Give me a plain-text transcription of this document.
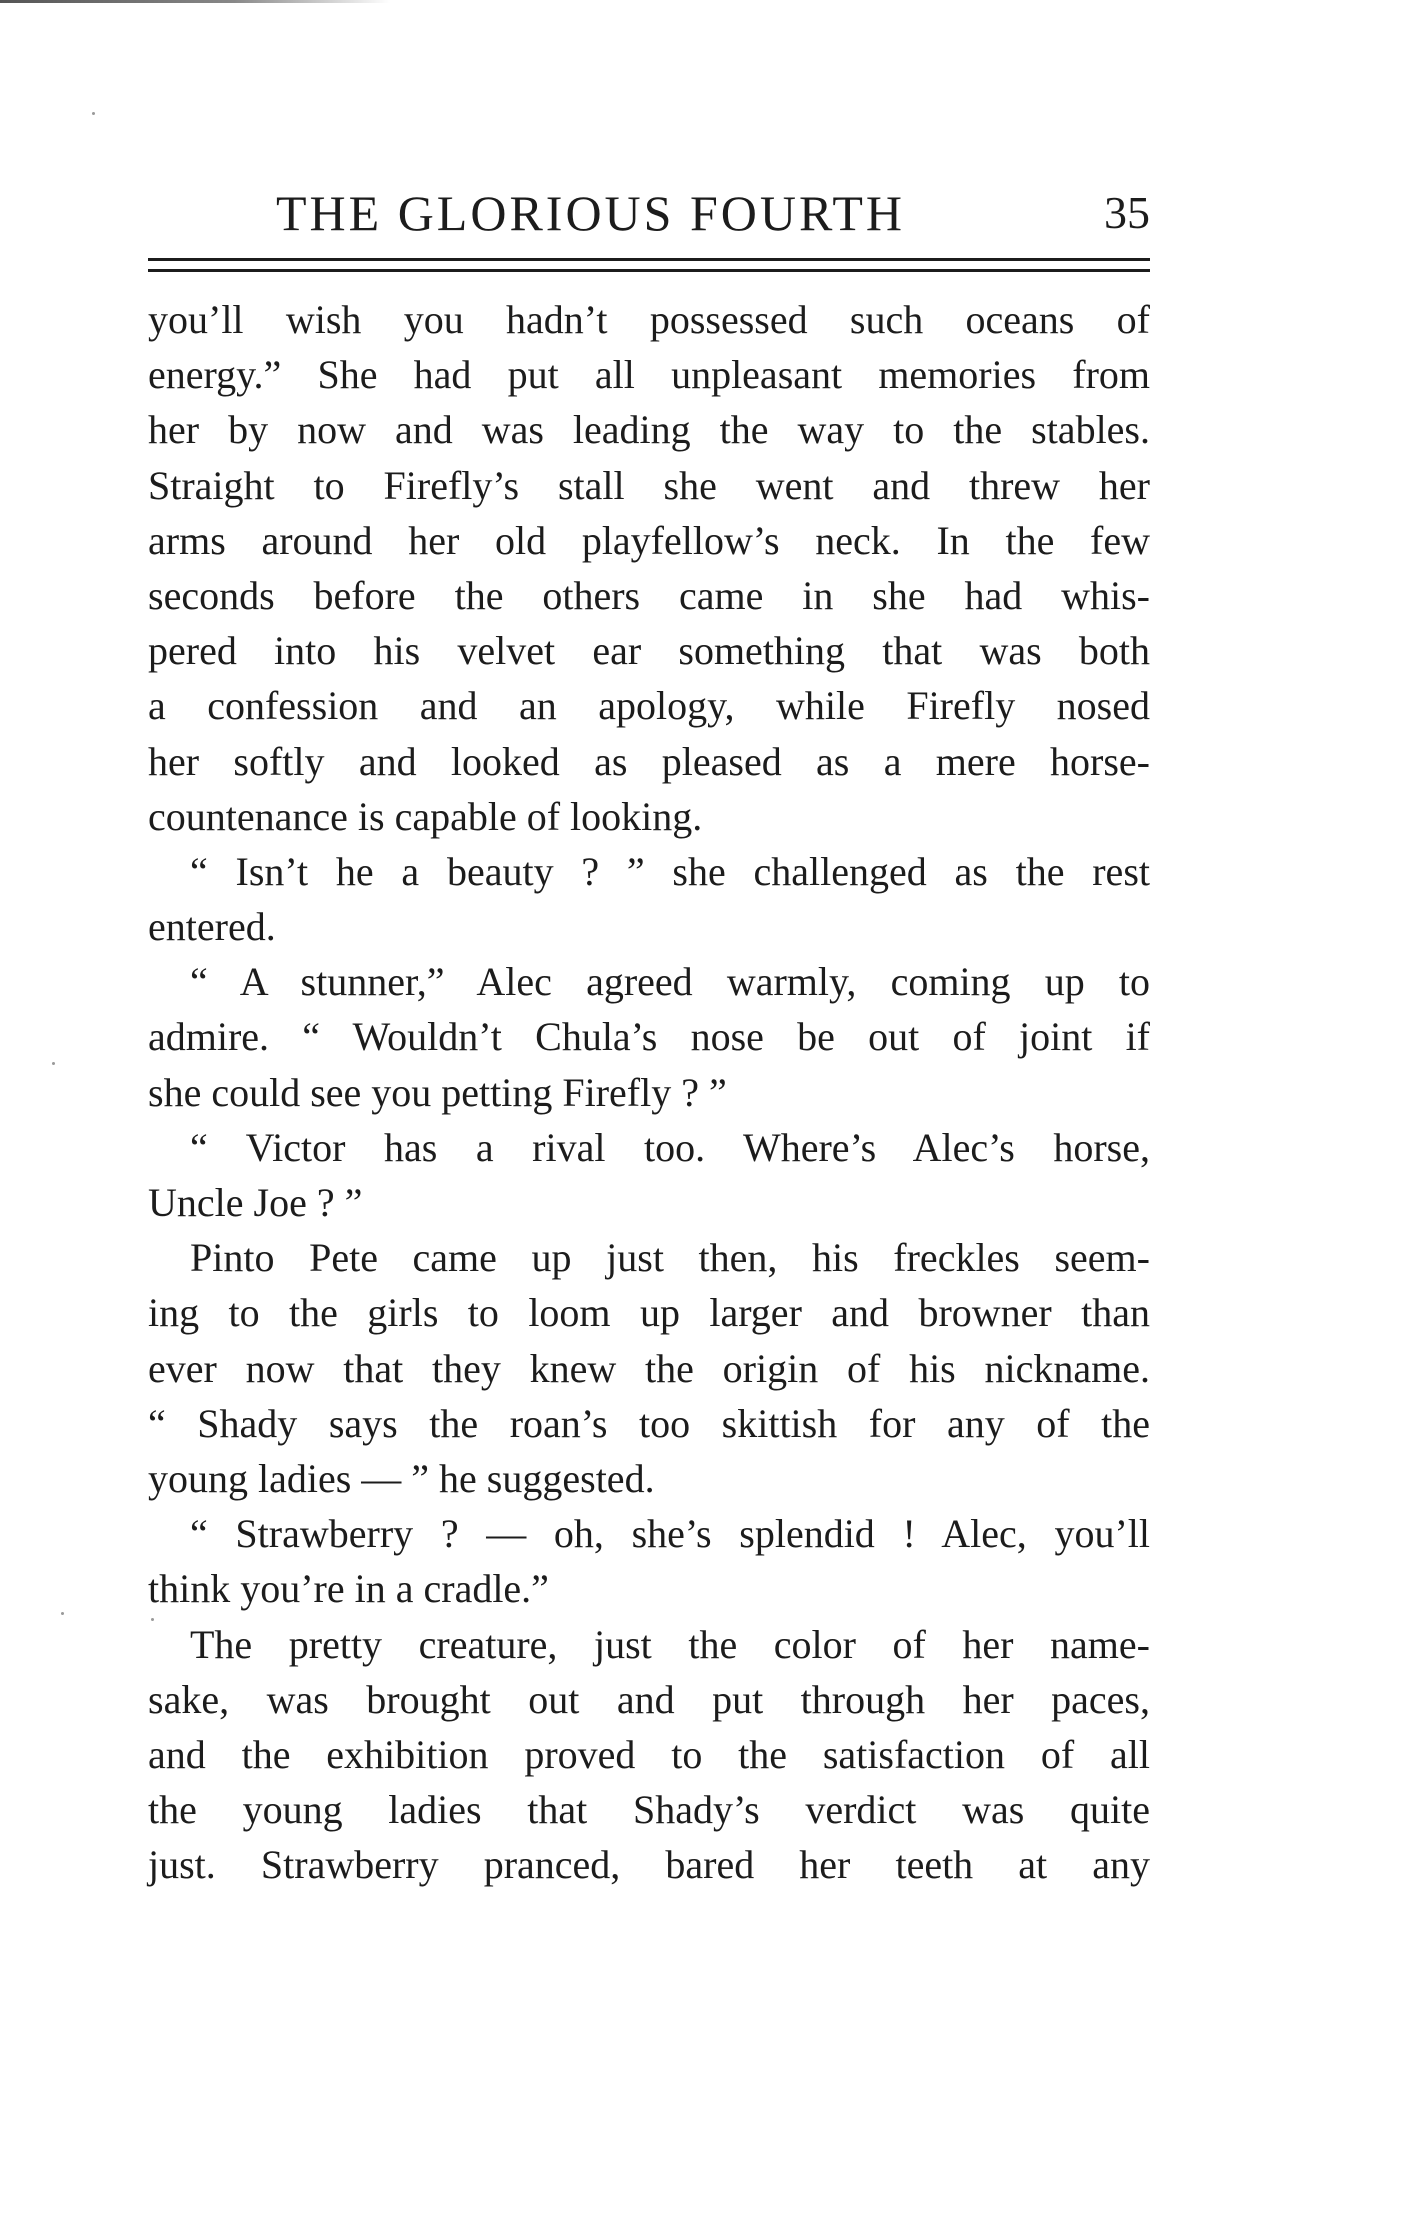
THE GLORIOUS FOURTH	35
you’ll wish you hadn’t possessed such oceans of
energy.” She had put all unpleasant memories from
her by now and was leading the way to the stables.
Straight to Firefly’s stall she went and threw her
arms around her old playfellow’s neck. In the few
seconds before the others came in she had whis-
pered into his velvet ear something that was both
a confession and an apology, while Firefly nosed
her softly and looked as pleased as a mere horse-
countenance is capable of looking.
“ Isn’t he a beauty ? ” she challenged as the rest
entered.
“ A stunner,” Alec agreed warmly, coming up to
admire. “ Wouldn’t Chula’s nose be out of joint if
she could see you petting Firefly ? ”
“ Victor has a rival too. Where’s Alec’s horse,
Uncle Joe ? ”
Pinto Pete came up just then, his freckles seem-
ing to the girls to loom up larger and browner than
ever now that they knew the origin of his nickname.
“ Shady says the roan’s too skittish for any of the
young ladies — ” he suggested.
“ Strawberry ? — oh, she’s splendid ! Alec, you’ll
think you’re in a cradle.”
The pretty creature, just the color of her name-
sake, was brought out and put through her paces,
and the exhibition proved to the satisfaction of all
the young ladies that Shady’s verdict was quite
just. Strawberry pranced, bared her teeth at any
